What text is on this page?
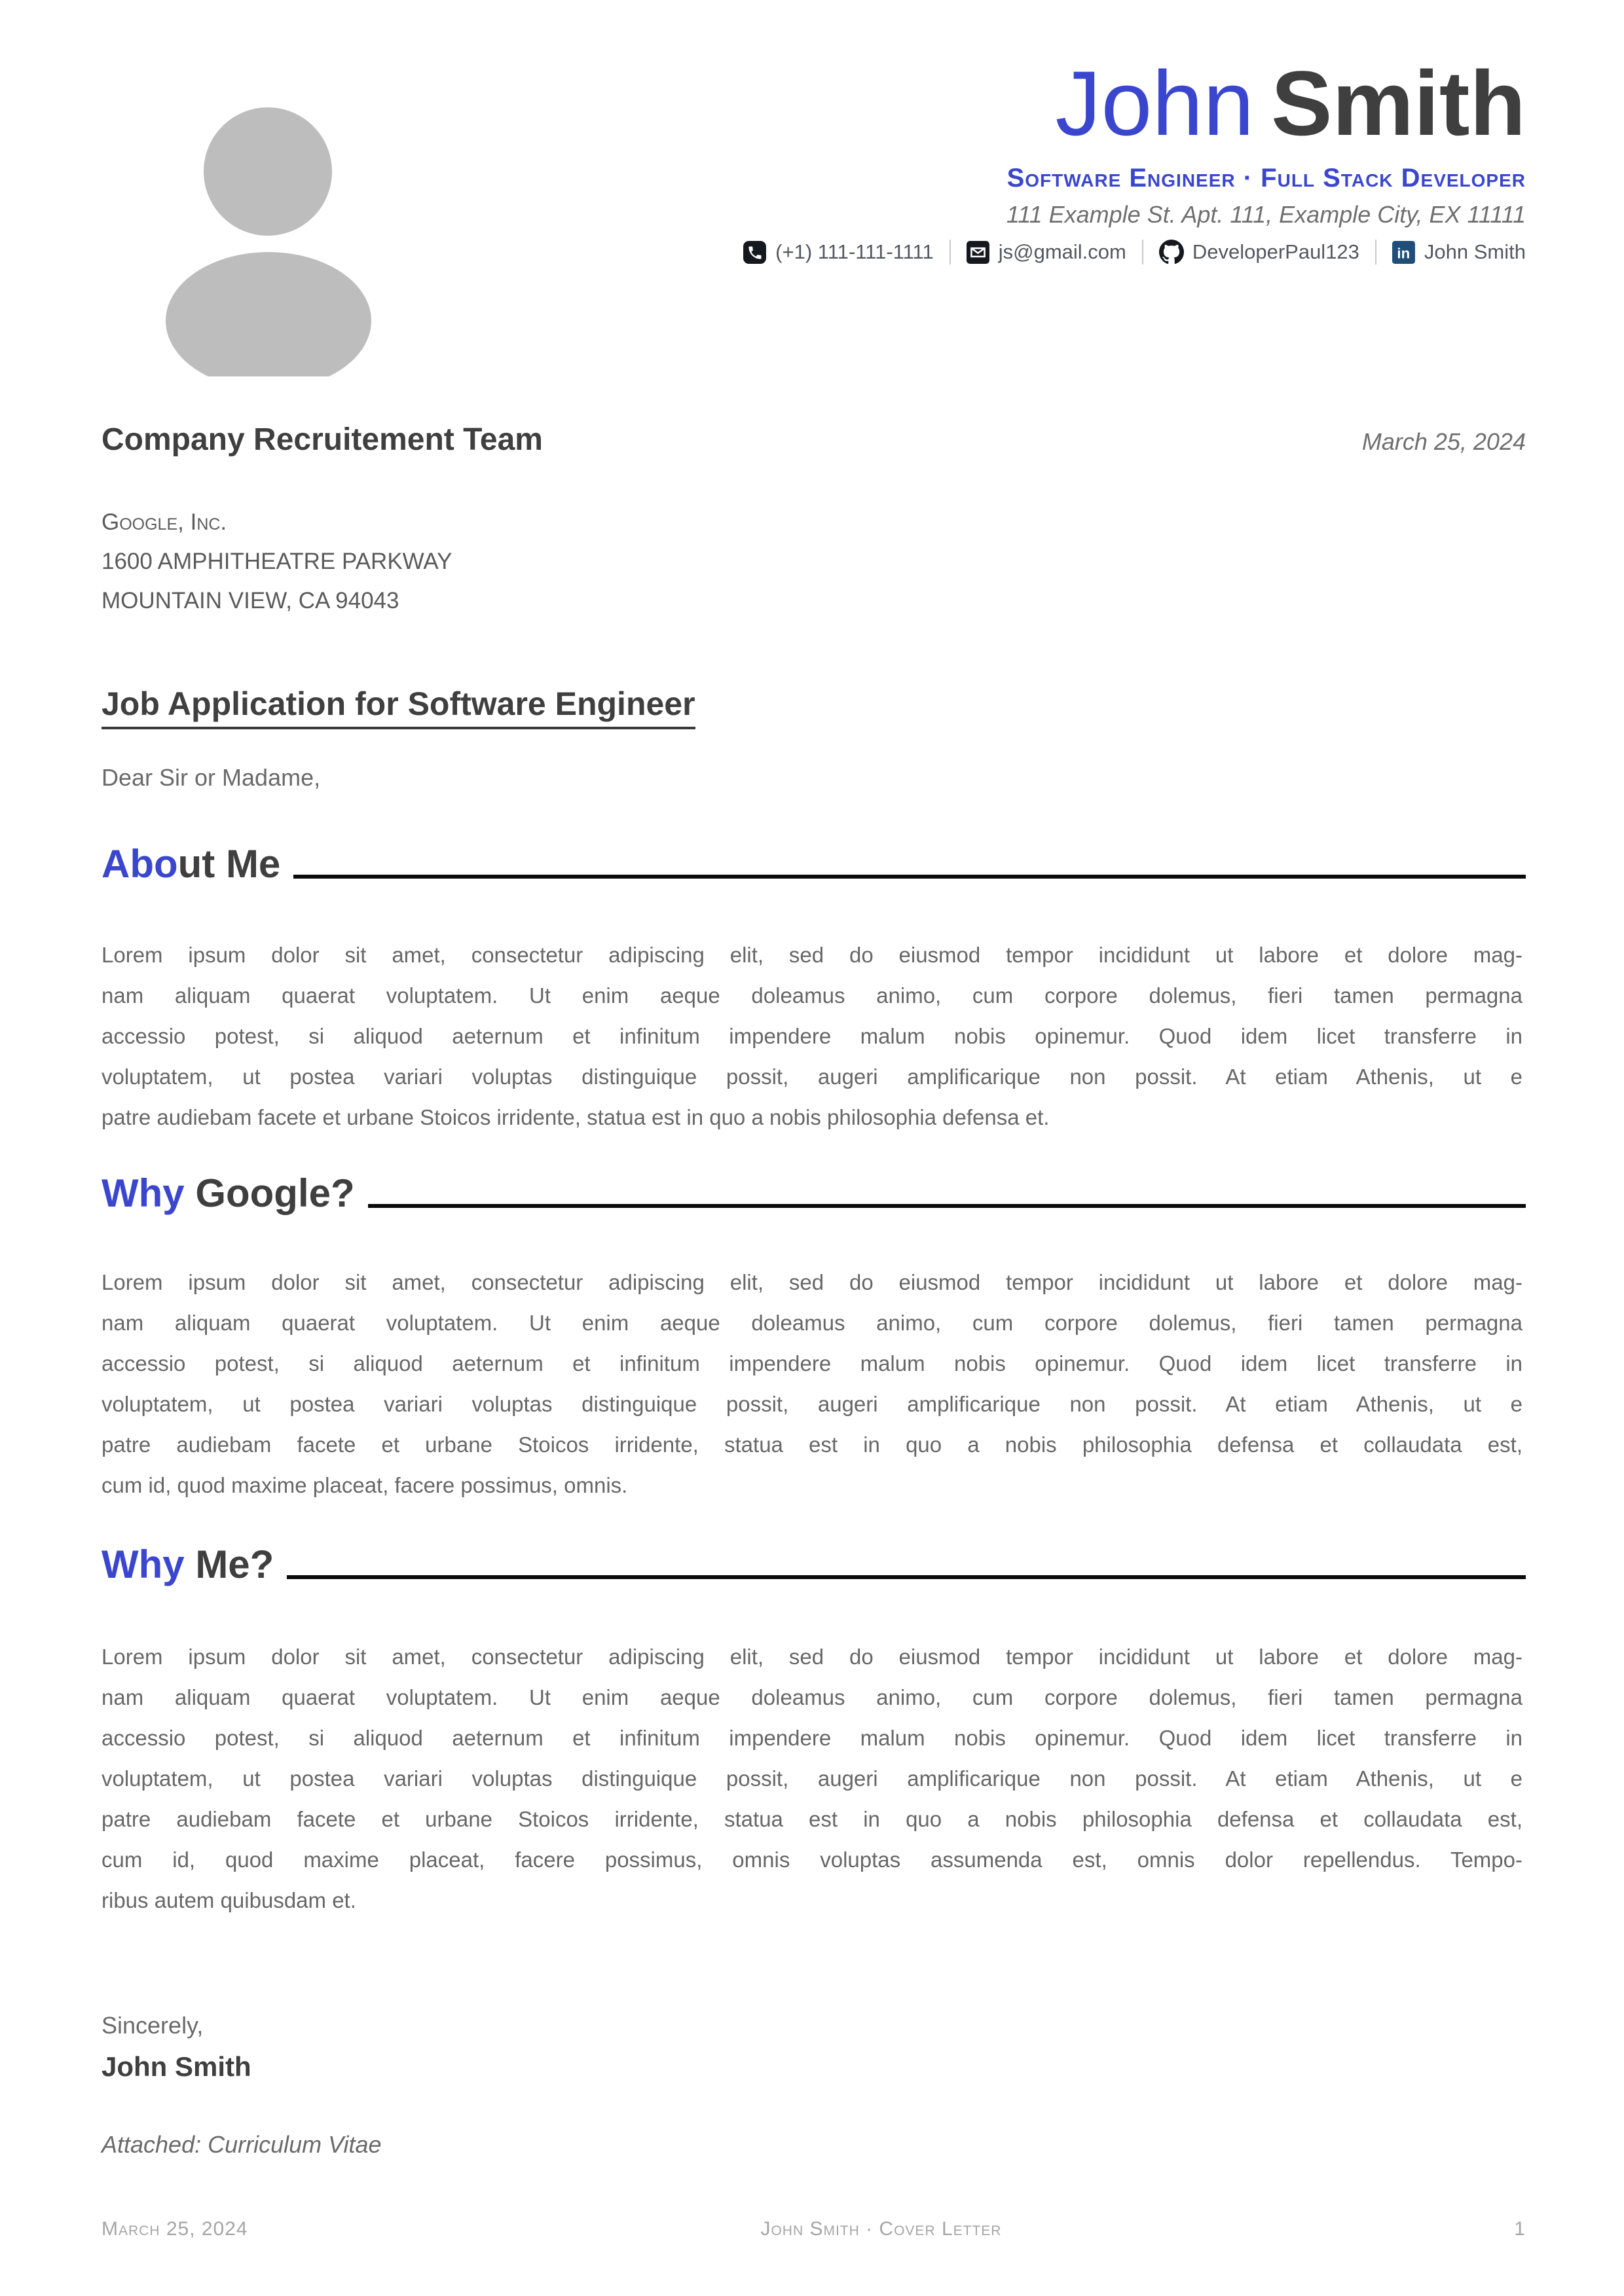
John Smith
Software Engineer · Full Stack Developer
111 Example St. Apt. 111, Example City, EX 11111
(+1) 111-111-1111	js@gmail.com	DeveloperPaul123	in John Smith
Company Recruitement Team	March 25, 2024
Google, Inc.
1600 AMPHITHEATRE PARKWAY
MOUNTAIN VIEW, CA 94043
Job Application for Software Engineer
Dear Sir or Madame,
Abo ut Me
Lorem ipsum dolor sit amet, consectetur adipiscing elit, sed do eiusmod tempor incididunt ut labore et dolore mag-
nam aliquam quaerat voluptatem. Ut enim aeque doleamus animo, cum corpore dolemus, fieri tamen permagna
accessio potest, si aliquod aeternum et infinitum impendere malum nobis opinemur. Quod idem licet transferre in
voluptatem, ut postea variari voluptas distinguique possit, augeri amplificarique non possit. At etiam Athenis, ut e
patre audiebam facete et urbane Stoicos irridente, statua est in quo a nobis philosophia defensa et.
Why Google?
Lorem ipsum dolor sit amet, consectetur adipiscing elit, sed do eiusmod tempor incididunt ut labore et dolore mag-
nam aliquam quaerat voluptatem. Ut enim aeque doleamus animo, cum corpore dolemus, fieri tamen permagna
accessio potest, si aliquod aeternum et infinitum impendere malum nobis opinemur. Quod idem licet transferre in
voluptatem, ut postea variari voluptas distinguique possit, augeri amplificarique non possit. At etiam Athenis, ut e
patre audiebam facete et urbane Stoicos irridente, statua est in quo a nobis philosophia defensa et collaudata est,
cum id, quod maxime placeat, facere possimus, omnis.
Why Me?
Lorem ipsum dolor sit amet, consectetur adipiscing elit, sed do eiusmod tempor incididunt ut labore et dolore mag-
nam aliquam quaerat voluptatem. Ut enim aeque doleamus animo, cum corpore dolemus, fieri tamen permagna
accessio potest, si aliquod aeternum et infinitum impendere malum nobis opinemur. Quod idem licet transferre in
voluptatem, ut postea variari voluptas distinguique possit, augeri amplificarique non possit. At etiam Athenis, ut e
patre audiebam facete et urbane Stoicos irridente, statua est in quo a nobis philosophia defensa et collaudata est,
cum id, quod maxime placeat, facere possimus, omnis voluptas assumenda est, omnis dolor repellendus. Tempo-
ribus autem quibusdam et.
Sincerely,
John Smith
Attached: Curriculum Vitae
March 25, 2024	John Smith · Cover Letter	1
